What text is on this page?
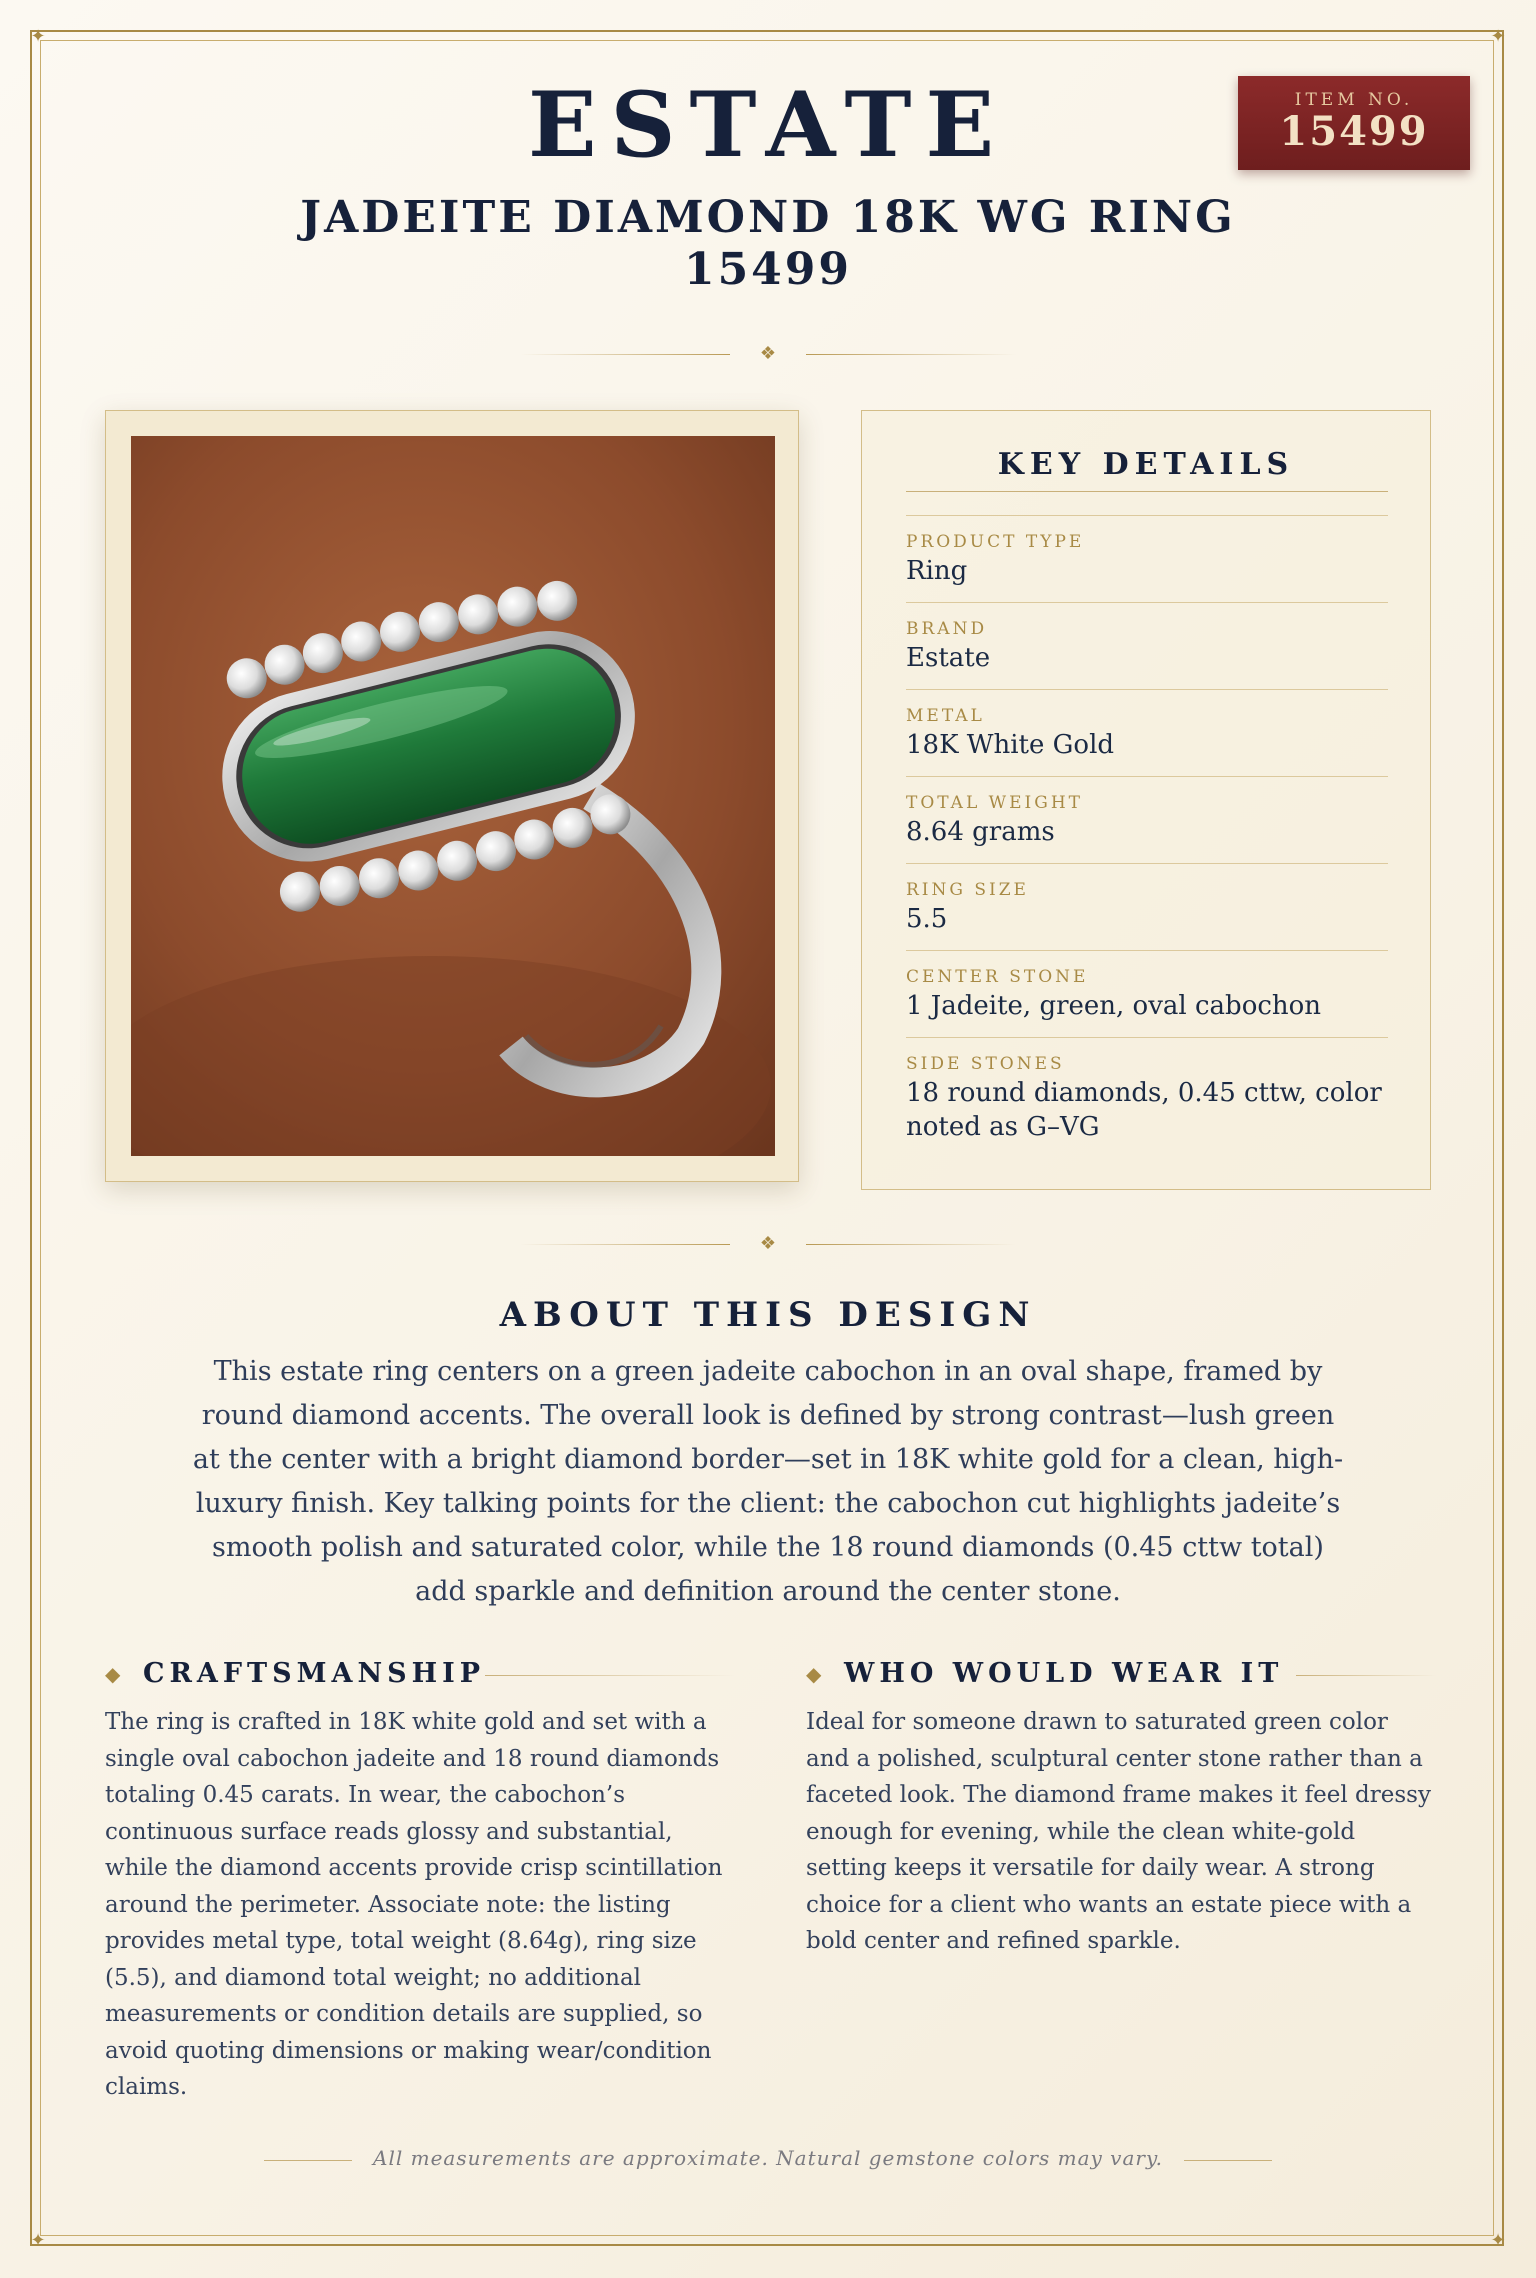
✦	✦
✦	✦
ITEM NO.
15499
ESTATE
JADEITE DIAMOND 18K WG RING
15499
❖
KEY DETAILS
PRODUCT TYPE
Ring
BRAND
Estate
METAL
18K White Gold
TOTAL WEIGHT
8.64 grams
RING SIZE
5.5
CENTER STONE
1 Jadeite, green, oval cabochon
SIDE STONES
18 round diamonds, 0.45 cttw, color noted as G–VG
❖
ABOUT THIS DESIGN
This estate ring centers on a green jadeite cabochon in an oval shape, framed by round diamond accents. The overall look is defined by strong contrast—lush green at the center with a bright diamond border—set in 18K white gold for a clean, high-luxury finish. Key talking points for the client: the cabochon cut highlights jadeite’s smooth polish and saturated color, while the 18 round diamonds (0.45 cttw total) add sparkle and definition around the center stone.
◆ CRAFTSMANSHIP
The ring is crafted in 18K white gold and set with a single oval cabochon jadeite and 18 round diamonds totaling 0.45 carats. In wear, the cabochon’s continuous surface reads glossy and substantial, while the diamond accents provide crisp scintillation around the perimeter. Associate note: the listing provides metal type, total weight (8.64g), ring size (5.5), and diamond total weight; no additional measurements or condition details are supplied, so avoid quoting dimensions or making wear/condition claims.
◆ WHO WOULD WEAR IT
Ideal for someone drawn to saturated green color and a polished, sculptural center stone rather than a faceted look. The diamond frame makes it feel dressy enough for evening, while the clean white-gold setting keeps it versatile for daily wear. A strong choice for a client who wants an estate piece with a bold center and refined sparkle.
All measurements are approximate. Natural gemstone colors may vary.
